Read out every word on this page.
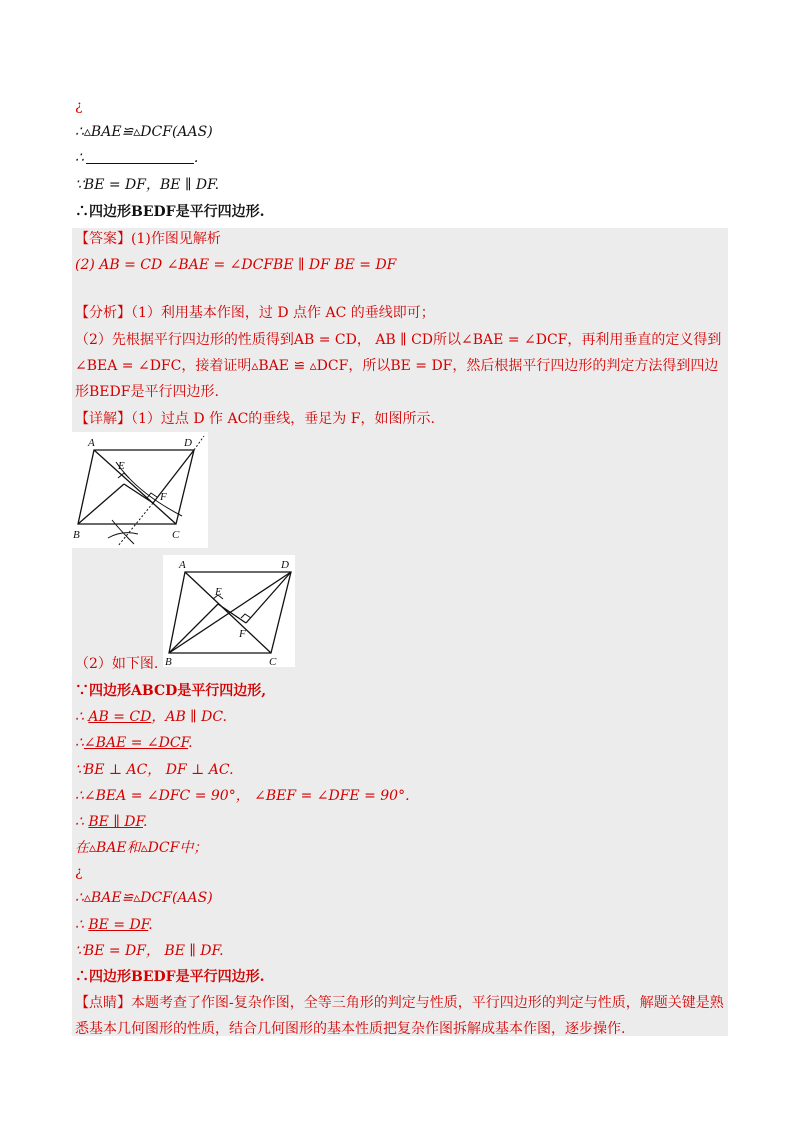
¿
∴▵BAE≌▵DCF(AAS)
∴	.
∵BE = DF，BE ∥ DF.
∴四边形BEDF是平行四边形.
【答案】(1)作图见解析
(2) AB = CD ∠BAE = ∠DCFBE ∥ DF BE = DF
【分析】（1）利用基本作图，过 D 点作 AC 的垂线即可；
（2）先根据平行四边形的性质得到AB = CD， AB ∥ CD所以∠BAE = ∠DCF，再利用垂直的定义得到
∠BEA = ∠DFC，接着证明▵BAE ≌ ▵DCF，所以BE = DF，然后根据平行四边形的判定方法得到四边
形BEDF是平行四边形.
【详解】（1）过点 D 作 AC的垂线，垂足为 F，如图所示.
A	D
E
F
B	C
A	D
E
F
B	C
（2）如下图.
∵四边形ABCD是平行四边形,
∴ AB = CD，AB ∥ DC.
∴∠BAE = ∠DCF.
∵BE ⊥ AC， DF ⊥ AC.
∴∠BEA = ∠DFC = 90°， ∠BEF = ∠DFE = 90°.
∴ BE ∥ DF.
在▵BAE和▵DCF中；
¿
∴▵BAE≌▵DCF(AAS)
∴ BE = DF.
∵BE = DF， BE ∥ DF.
∴四边形BEDF是平行四边形.
【点睛】本题考查了作图-复杂作图，全等三角形的判定与性质，平行四边形的判定与性质，解题关键是熟
悉基本几何图形的性质，结合几何图形的基本性质把复杂作图拆解成基本作图，逐步操作.
